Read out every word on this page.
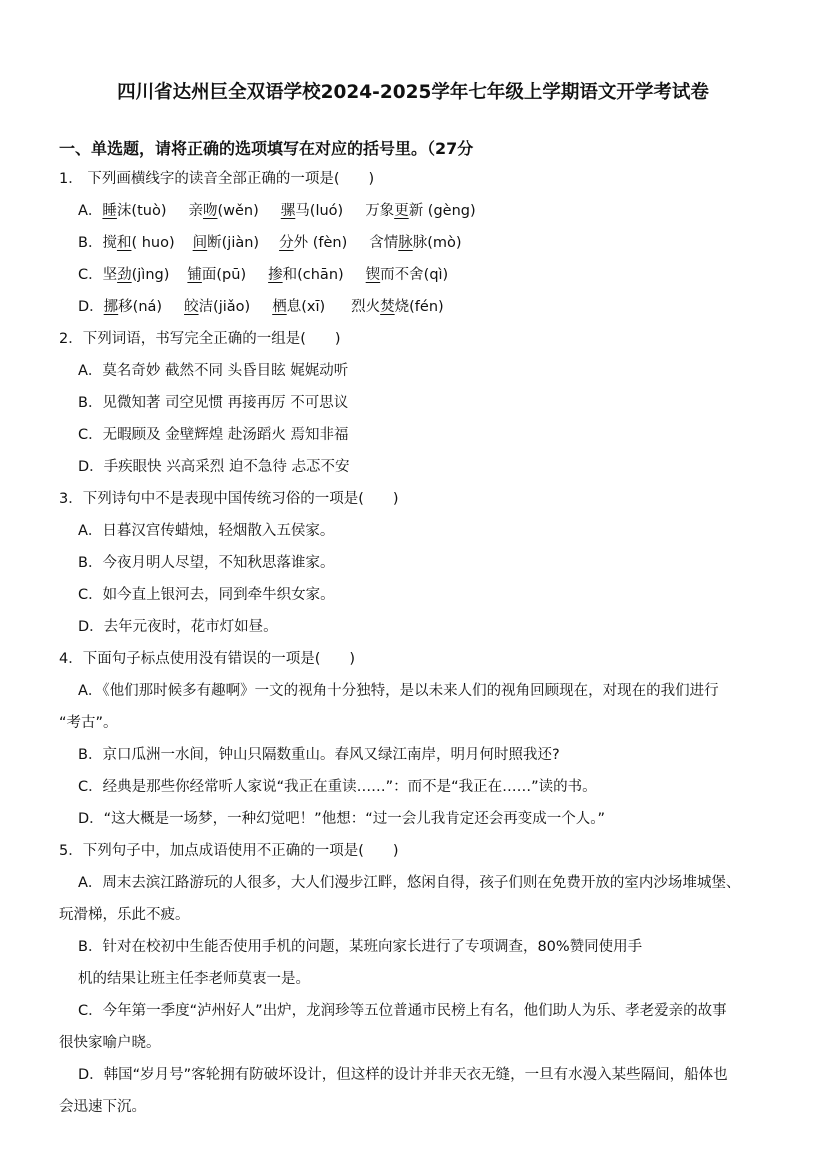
四川省达州巨全双语学校2024-2025学年七年级上学期语文开学考试卷
一、单选题，请将正确的选项填写在对应的括号里。（27分
1． 下列画横线字的读音全部正确的一项是(　　)
A．睡沫(tuò) 亲吻(wěn) 骡马(luó) 万象更新 (gèng)
B．搅和( huo) 间断(jiàn) 分外 (fèn) 含情脉脉(mò)
C．坚劲(jìng) 铺面(pū) 掺和(chān) 锲而不舍(qì)
D．挪移(ná) 皎洁(jiǎo) 栖息(xī) 烈火焚烧(fén)
2．下列词语，书写完全正确的一组是(　　)
A．莫名奇妙 截然不同 头昏目眩 娓娓动听
B．见微知著 司空见惯 再接再厉 不可思议
C．无暇顾及 金壁辉煌 赴汤蹈火 焉知非福
D．手疾眼快 兴高采烈 迫不急待 忐忑不安
3．下列诗句中不是表现中国传统习俗的一项是(　　)
A．日暮汉宫传蜡烛，轻烟散入五侯家。
B．今夜月明人尽望，不知秋思落谁家。
C．如今直上银河去，同到牵牛织女家。
D．去年元夜时，花市灯如昼。
4．下面句子标点使用没有错误的一项是(　　)
A．《他们那时候多有趣啊》一文的视角十分独特，是以未来人们的视角回顾现在，对现在的我们进行
“考古”。
B．京口瓜洲一水间，钟山只隔数重山。春风又绿江南岸，明月何时照我还?
C．经典是那些你经常听人家说“我正在重读……”：而不是“我正在……”读的书。
D．“这大概是一场梦，一种幻觉吧！”他想：“过一会儿我肯定还会再变成一个人。”
5．下列句子中，加点成语使用不正确的一项是(　　)
A．周末去滨江路游玩的人很多，大人们漫步江畔，悠闲自得，孩子们则在免费开放的室内沙场堆城堡、
玩滑梯，乐此不疲。
B．针对在校初中生能否使用手机的问题，某班向家长进行了专项调查，80%赞同使用手
机的结果让班主任李老师莫衷一是。
C．今年第一季度“泸州好人”出炉，龙润珍等五位普通市民榜上有名，他们助人为乐、孝老爱亲的故事
很快家喻户晓。
D．韩国“岁月号”客轮拥有防破坏设计，但这样的设计并非天衣无缝，一旦有水漫入某些隔间，船体也
会迅速下沉。
